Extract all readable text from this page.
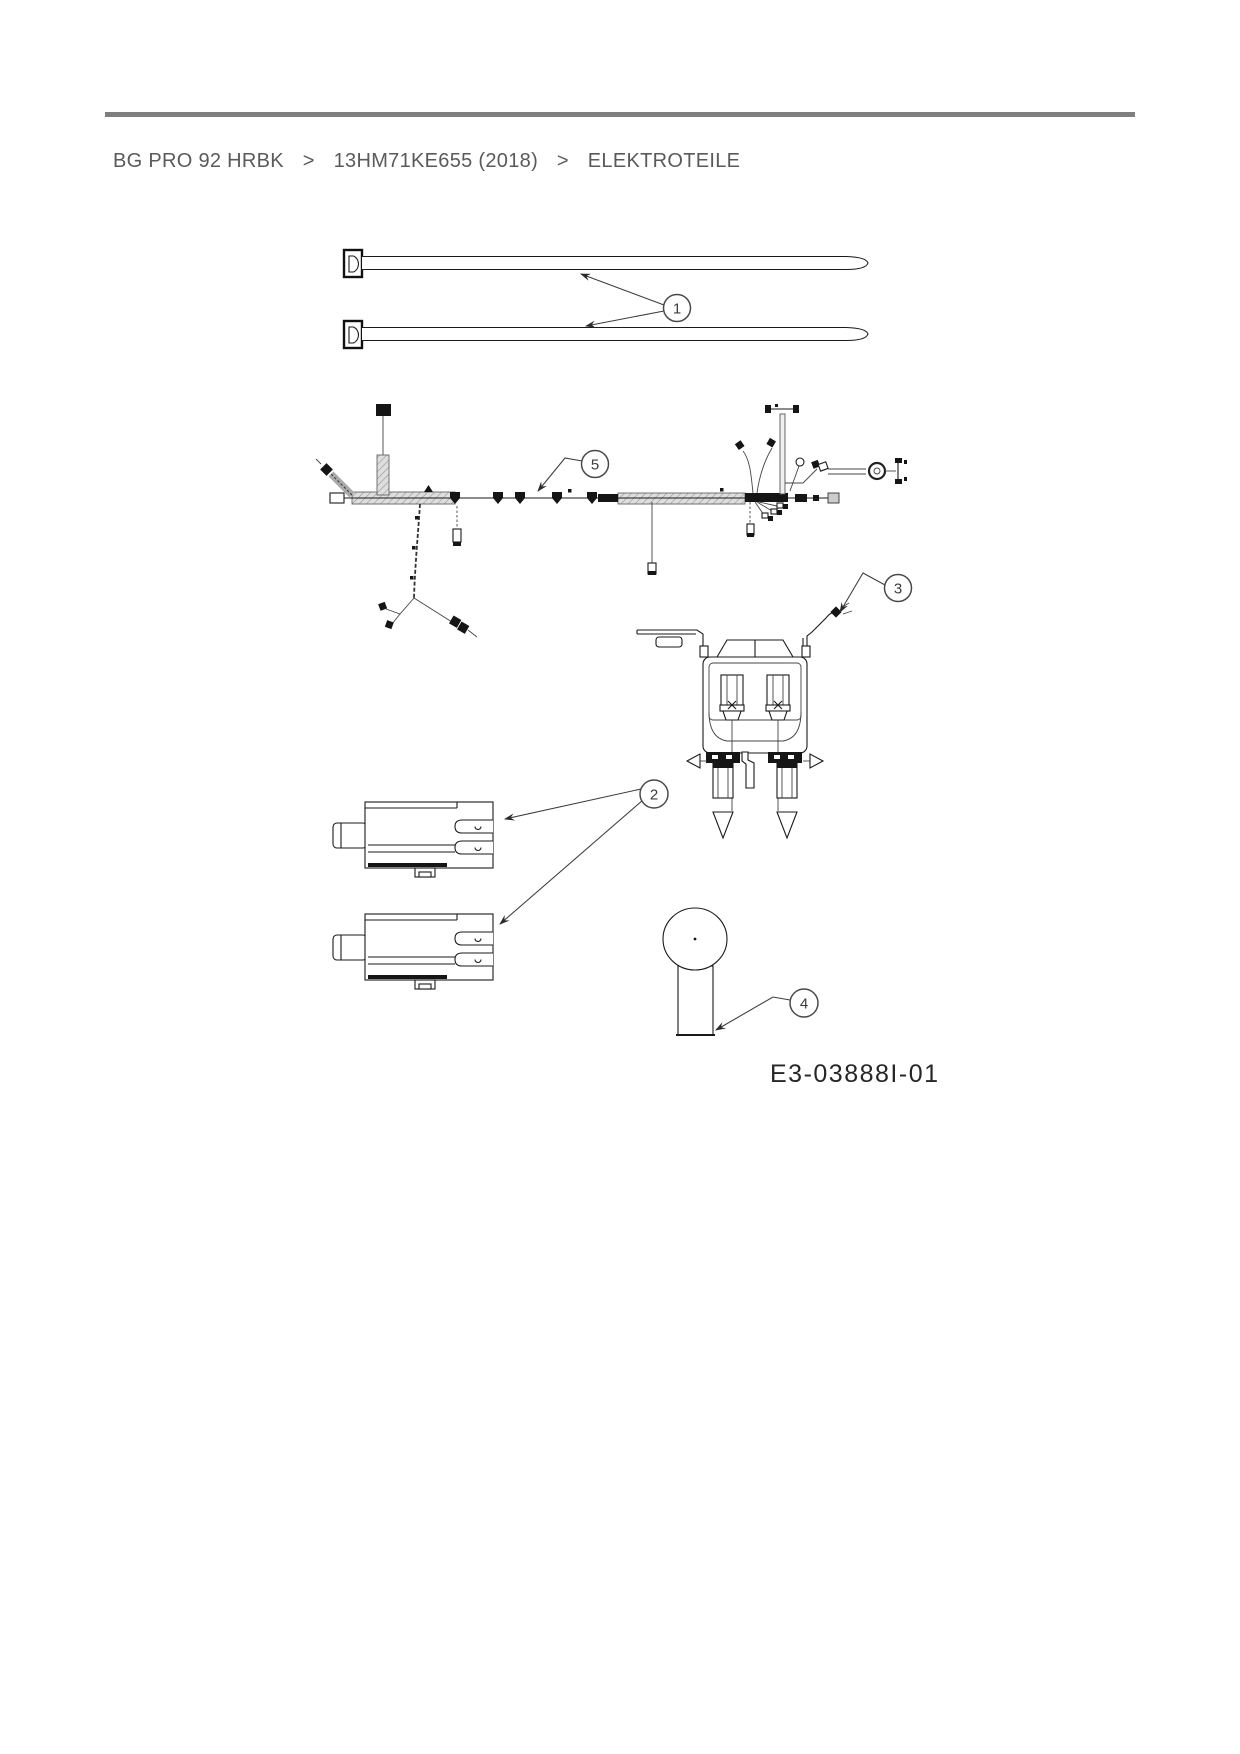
BG PRO 92 HRBK > 13HM71KE655 (2018) > ELEKTROTEILE
1
5
3
2
4
E3-03888I-01
